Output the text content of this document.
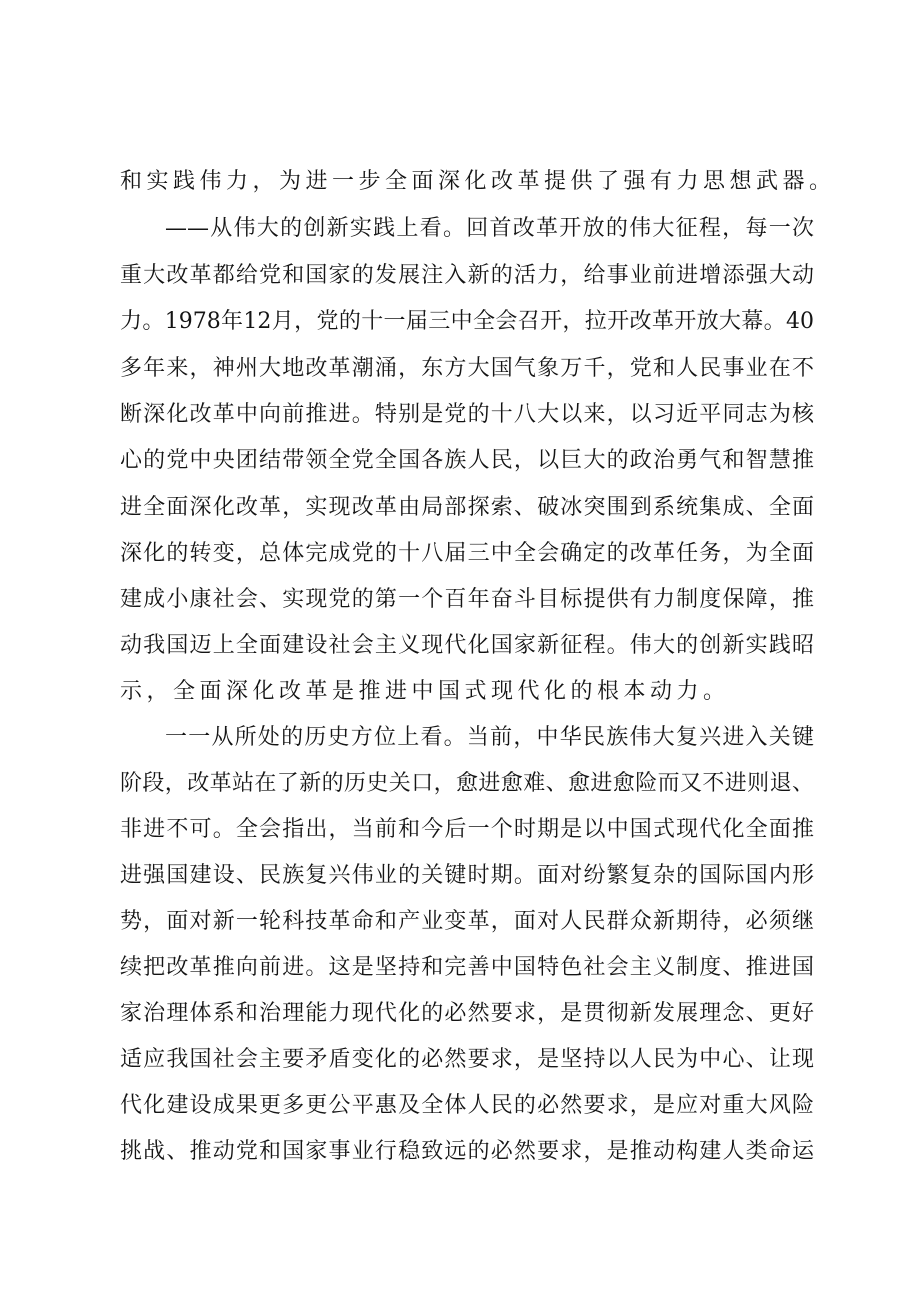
和实践伟力，为进一步全面深化改革提供了强有力思想武器。
——从伟大的创新实践上看。回首改革开放的伟大征程，每一次
重大改革都给党和国家的发展注入新的活力，给事业前进增添强大动
力。1978年12月，党的十一届三中全会召开，拉开改革开放大幕。40
多年来，神州大地改革潮涌，东方大国气象万千，党和人民事业在不
断深化改革中向前推进。特别是党的十八大以来，以习近平同志为核
心的党中央团结带领全党全国各族人民，以巨大的政治勇气和智慧推
进全面深化改革，实现改革由局部探索、破冰突围到系统集成、全面
深化的转变，总体完成党的十八届三中全会确定的改革任务，为全面
建成小康社会、实现党的第一个百年奋斗目标提供有力制度保障，推
动我国迈上全面建设社会主义现代化国家新征程。伟大的创新实践昭
示，全面深化改革是推进中国式现代化的根本动力。
一一从所处的历史方位上看。当前，中华民族伟大复兴进入关键
阶段，改革站在了新的历史关口，愈进愈难、愈进愈险而又不进则退、
非进不可。全会指出，当前和今后一个时期是以中国式现代化全面推
进强国建设、民族复兴伟业的关键时期。面对纷繁复杂的国际国内形
势，面对新一轮科技革命和产业变革，面对人民群众新期待，必须继
续把改革推向前进。这是坚持和完善中国特色社会主义制度、推进国
家治理体系和治理能力现代化的必然要求，是贯彻新发展理念、更好
适应我国社会主要矛盾变化的必然要求，是坚持以人民为中心、让现
代化建设成果更多更公平惠及全体人民的必然要求，是应对重大风险
挑战、推动党和国家事业行稳致远的必然要求，是推动构建人类命运
